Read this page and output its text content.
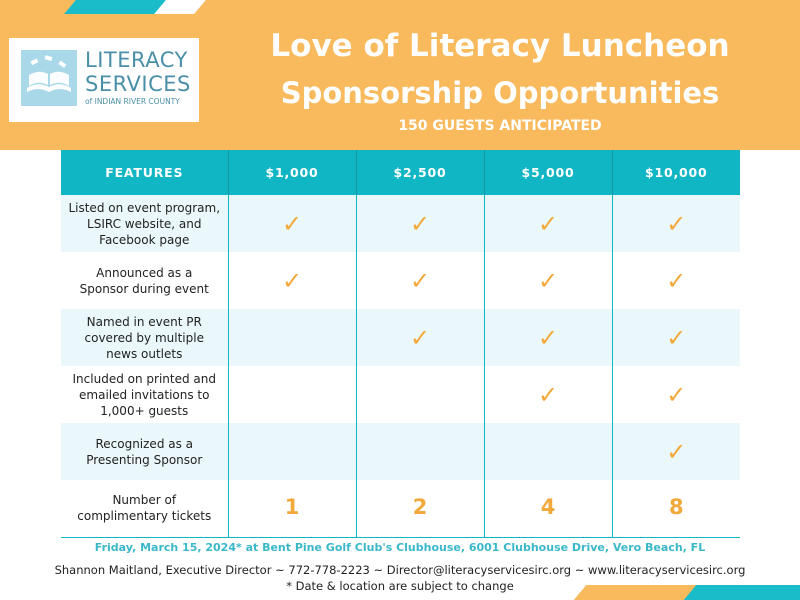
LITERACY
SERVICES
of INDIAN RIVER COUNTY
Love of Literacy Luncheon
Sponsorship Opportunities
150 GUESTS ANTICIPATED
FEATURES	$1,000	$2,500	$5,000	$10,000

Listed on event program,
LSIRC website, and
Facebook page	✓	✓	✓	✓

Announced as a
Sponsor during event	✓	✓	✓	✓

Named in event PR
covered by multiple
news outlets		✓	✓	✓

Included on printed and
emailed invitations to
1,000+ guests			✓	✓

Recognized as a
Presenting Sponsor				✓

Number of
complimentary tickets	1	2	4	8
Friday, March 15, 2024* at Bent Pine Golf Club's Clubhouse, 6001 Clubhouse Drive, Vero Beach, FL
Shannon Maitland, Executive Director ~ 772-778-2223 ~ Director@literacyservicesirc.org ~ www.literacyservicesirc.org
* Date & location are subject to change
